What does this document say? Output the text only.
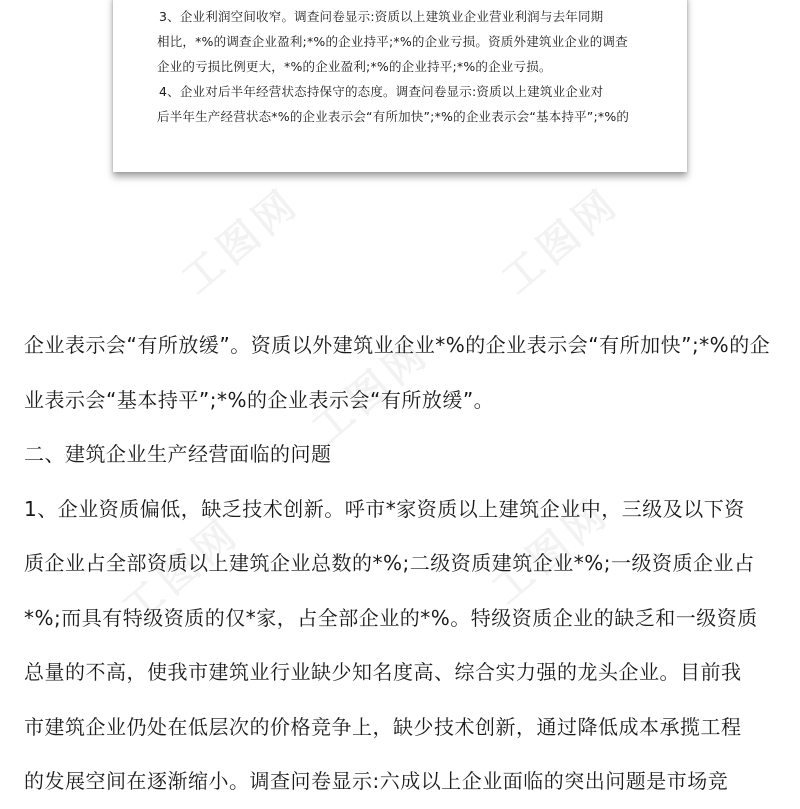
工图网	工图网
工图网
工图网	工图网

3、企业利润空间收窄。调查问卷显示:资质以上建筑业企业营业利润与去年同期

相比，*%的调查企业盈利;*%的企业持平;*%的企业亏损。资质外建筑业企业的调查

企业的亏损比例更大，*%的企业盈利;*%的企业持平;*%的企业亏损。

4、企业对后半年经营状态持保守的态度。调查问卷显示:资质以上建筑业企业对

后半年生产经营状态*%的企业表示会“有所加快”;*%的企业表示会“基本持平”;*%的

企业表示会“有所放缓”。资质以外建筑业企业*%的企业表示会“有所加快”;*%的企

业表示会“基本持平”;*%的企业表示会“有所放缓”。

二、建筑企业生产经营面临的问题

1、企业资质偏低，缺乏技术创新。呼市*家资质以上建筑企业中，三级及以下资

质企业占全部资质以上建筑企业总数的*%;二级资质建筑企业*%;一级资质企业占

*%;而具有特级资质的仅*家，占全部企业的*%。特级资质企业的缺乏和一级资质

总量的不高，使我市建筑业行业缺少知名度高、综合实力强的龙头企业。目前我

市建筑企业仍处在低层次的价格竞争上，缺少技术创新，通过降低成本承揽工程

的发展空间在逐渐缩小。调查问卷显示:六成以上企业面临的突出问题是市场竞
